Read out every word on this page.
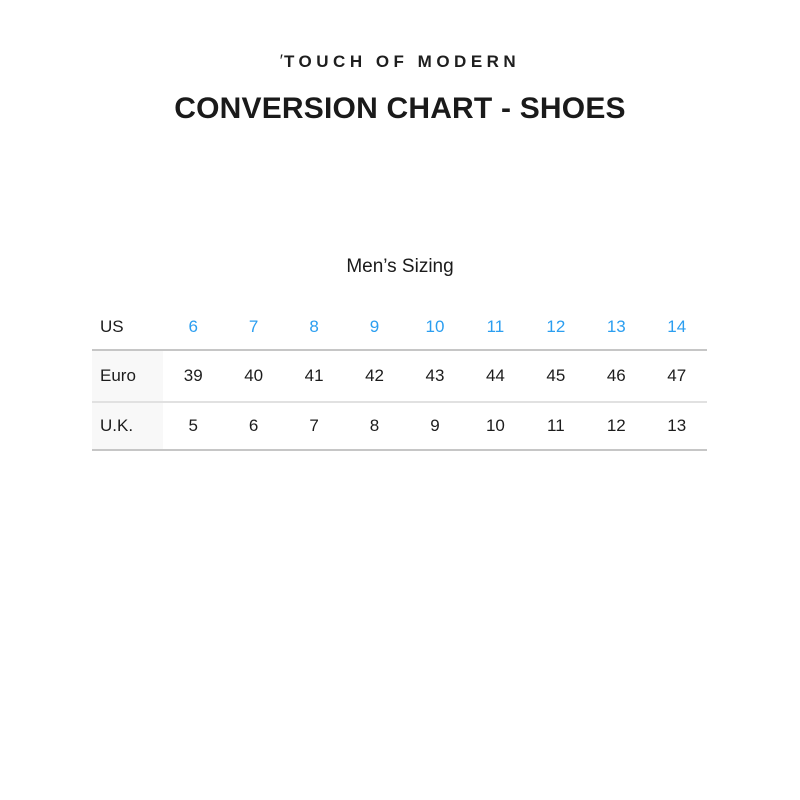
′TOUCH OF MODERN
CONVERSION CHART - SHOES
Men’s Sizing
US	6	7	8	9	10	11	12	13	14
Euro	39	40	41	42	43	44	45	46	47
U.K.	5	6	7	8	9	10	11	12	13
